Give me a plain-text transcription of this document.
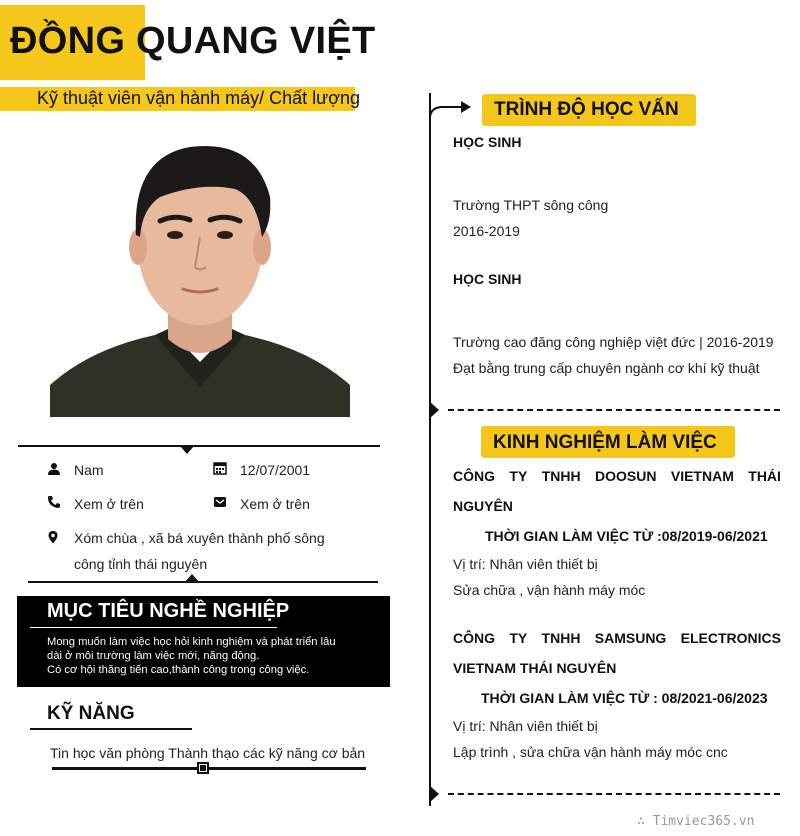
ĐỒNG QUANG VIỆT
Kỹ thuật viên vận hành máy/ Chất lượng
Nam	12/07/2001
Xem ở trên	Xem ở trên
Xóm chùa , xã bá xuyên thành phố sông
công tỉnh thái nguyên
MỤC TIÊU NGHỀ NGHIỆP
Mong muốn làm việc học hỏi kinh nghiệm và phát triển lâu
dài ở môi trường làm việc mới, năng động.
Có cơ hội thăng tiến cao,thành công trong công việc.
KỸ NĂNG
Tin học văn phòng Thành thạo các kỹ năng cơ bản
TRÌNH ĐỘ HỌC VẤN
HỌC SINH
Trường THPT sông công
2016-2019
HỌC SINH
Trường cao đăng công nghiệp việt đức | 2016-2019
Đạt bằng trung cấp chuyên ngành cơ khí kỹ thuật
KINH NGHIỆM LÀM VIỆC
CÔNG TY TNHH DOOSUN VIETNAM THÁI
NGUYÊN
THỜI GIAN LÀM VIỆC TỪ :08/2019-06/2021
Vị trí: Nhân viên thiết bị
Sửa chữa , vận hành máy móc
CÔNG TY TNHH SAMSUNG ELECTRONICS
VIETNAM THÁI NGUYÊN
THỜI GIAN LÀM VIỆC TỪ : 08/2021-06/2023
Vị trí: Nhân viên thiết bị
Lập trình , sửa chữa vận hành máy móc cnc
∴ Timviec365.vn
